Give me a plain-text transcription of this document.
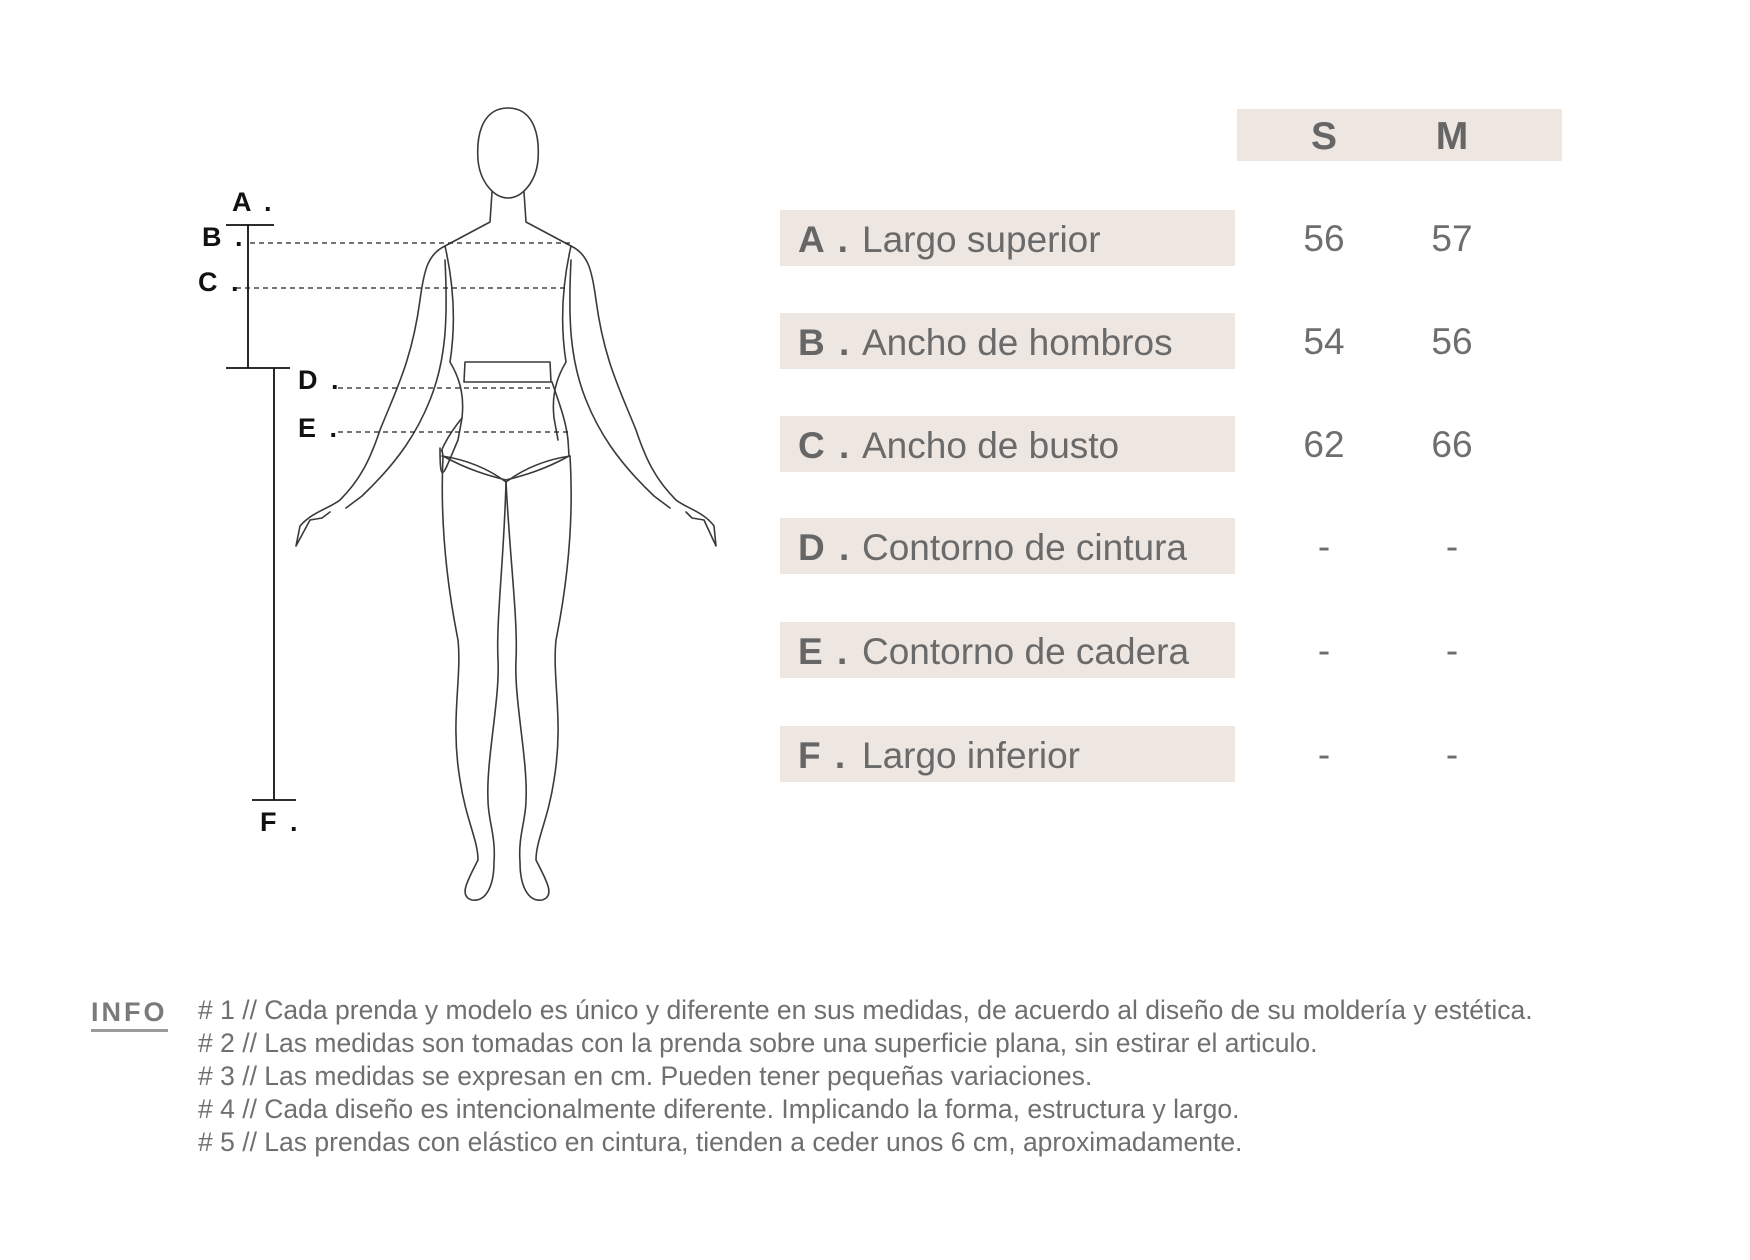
A .
B .
C .
D .
E .
F .
S	M
A . Largo superior	56	57
B . Ancho de hombros	54	56
C . Ancho de busto	62	66
D . Contorno de cintura	-	-
E . Contorno de cadera	-	-
F . Largo inferior	-	-
INFO # 1 // Cada prenda y modelo es único y diferente en sus medidas, de acuerdo al diseño de su moldería y estética.
# 2 // Las medidas son tomadas con la prenda sobre una superficie plana, sin estirar el articulo.
# 3 // Las medidas se expresan en cm. Pueden tener pequeñas variaciones.
# 4 // Cada diseño es intencionalmente diferente. Implicando la forma, estructura y largo.
# 5 // Las prendas con elástico en cintura, tienden a ceder unos 6 cm, aproximadamente.
